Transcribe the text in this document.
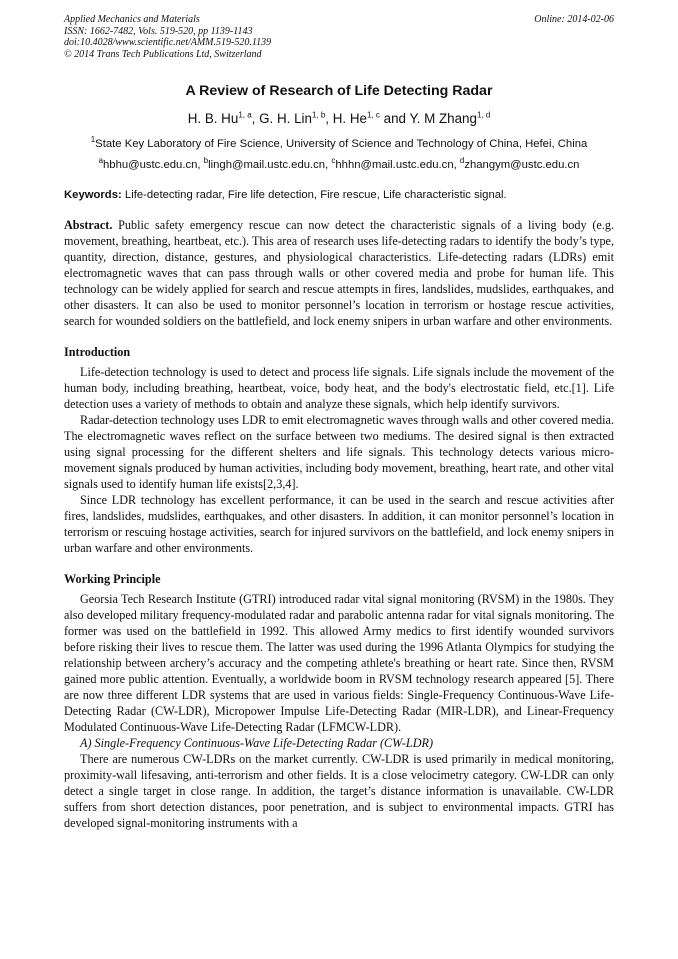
Applied Mechanics and Materials
ISSN: 1662-7482, Vols. 519-520, pp 1139-1143
doi:10.4028/www.scientific.net/AMM.519-520.1139
© 2014 Trans Tech Publications Ltd, Switzerland
Online: 2014-02-06
A Review of Research of Life Detecting Radar
H. B. Hu$^{1, a}$, G. H. Lin$^{1, b}$, H. He$^{1, c}$ and Y. M Zhang$^{1, d}$
$^1$State Key Laboratory of Fire Science, University of Science and Technology of China, Hefei, China
$^a$hbhu@ustc.edu.cn, $^b$lingh@mail.ustc.edu.cn, $^c$hhhn@mail.ustc.edu.cn, $^d$zhangym@ustc.edu.cn
Keywords: Life-detecting radar, Fire life detection, Fire rescue, Life characteristic signal.

Abstract. Public safety emergency rescue can now detect the characteristic signals of a living body (e.g. movement, breathing, heartbeat, etc.). This area of research uses life-detecting radars to identify the body’s type, quantity, direction, distance, gestures, and physiological characteristics. Life-detecting radars (LDRs) emit electromagnetic waves that can pass through walls or other covered media and probe for human life. This technology can be widely applied for search and rescue attempts in fires, landslides, mudslides, earthquakes, and other disasters. It can also be used to monitor personnel’s location in terrorism or hostage rescue activities, search for wounded soldiers on the battlefield, and lock enemy snipers in urban warfare and other environments.

Introduction

Life-detection technology is used to detect and process life signals. Life signals include the movement of the human body, including breathing, heartbeat, voice, body heat, and the body's electrostatic field, etc.[1]. Life detection uses a variety of methods to obtain and analyze these signals, which help identify survivors.

Radar-detection technology uses LDR to emit electromagnetic waves through walls and other covered media. The electromagnetic waves reflect on the surface between two mediums. The desired signal is then extracted using signal processing for the different shelters and life signals. This technology detects various micro-movement signals produced by human activities, including body movement, breathing, heart rate, and other vital signals used to identify human life exists[2,3,4].

Since LDR technology has excellent performance, it can be used in the search and rescue activities after fires, landslides, mudslides, earthquakes, and other disasters. In addition, it can monitor personnel’s location in terrorism or rescuing hostage activities, search for injured survivors on the battlefield, and lock enemy snipers in urban warfare and other environments.

Working Principle

Georsia Tech Research Institute (GTRI) introduced radar vital signal monitoring (RVSM) in the 1980s. They also developed military frequency-modulated radar and parabolic antenna radar for vital signals monitoring. The former was used on the battlefield in 1992. This allowed Army medics to first identify wounded survivors before risking their lives to rescue them. The latter was used during the 1996 Atlanta Olympics for studying the relationship between archery’s accuracy and the competing athlete's breathing or heart rate. Since then, RVSM gained more public attention. Eventually, a worldwide boom in RVSM technology research appeared [5]. There are now three different LDR systems that are used in various fields: Single-Frequency Continuous-Wave Life-Detecting Radar (CW-LDR), Micropower Impulse Life-Detecting Radar (MIR-LDR), and Linear-Frequency Modulated Continuous-Wave Life-Detecting Radar (LFMCW-LDR).

A) Single-Frequency Continuous-Wave Life-Detecting Radar (CW-LDR)

There are numerous CW-LDRs on the market currently. CW-LDR is used primarily in medical monitoring, proximity-wall lifesaving, anti-terrorism and other fields. It is a close velocimetry category. CW-LDR can only detect a single target in close range. In addition, the target’s distance information is unavailable. CW-LDR suffers from short detection distances, poor penetration, and is subject to environmental impacts. GTRI has developed signal-monitoring instruments with a
